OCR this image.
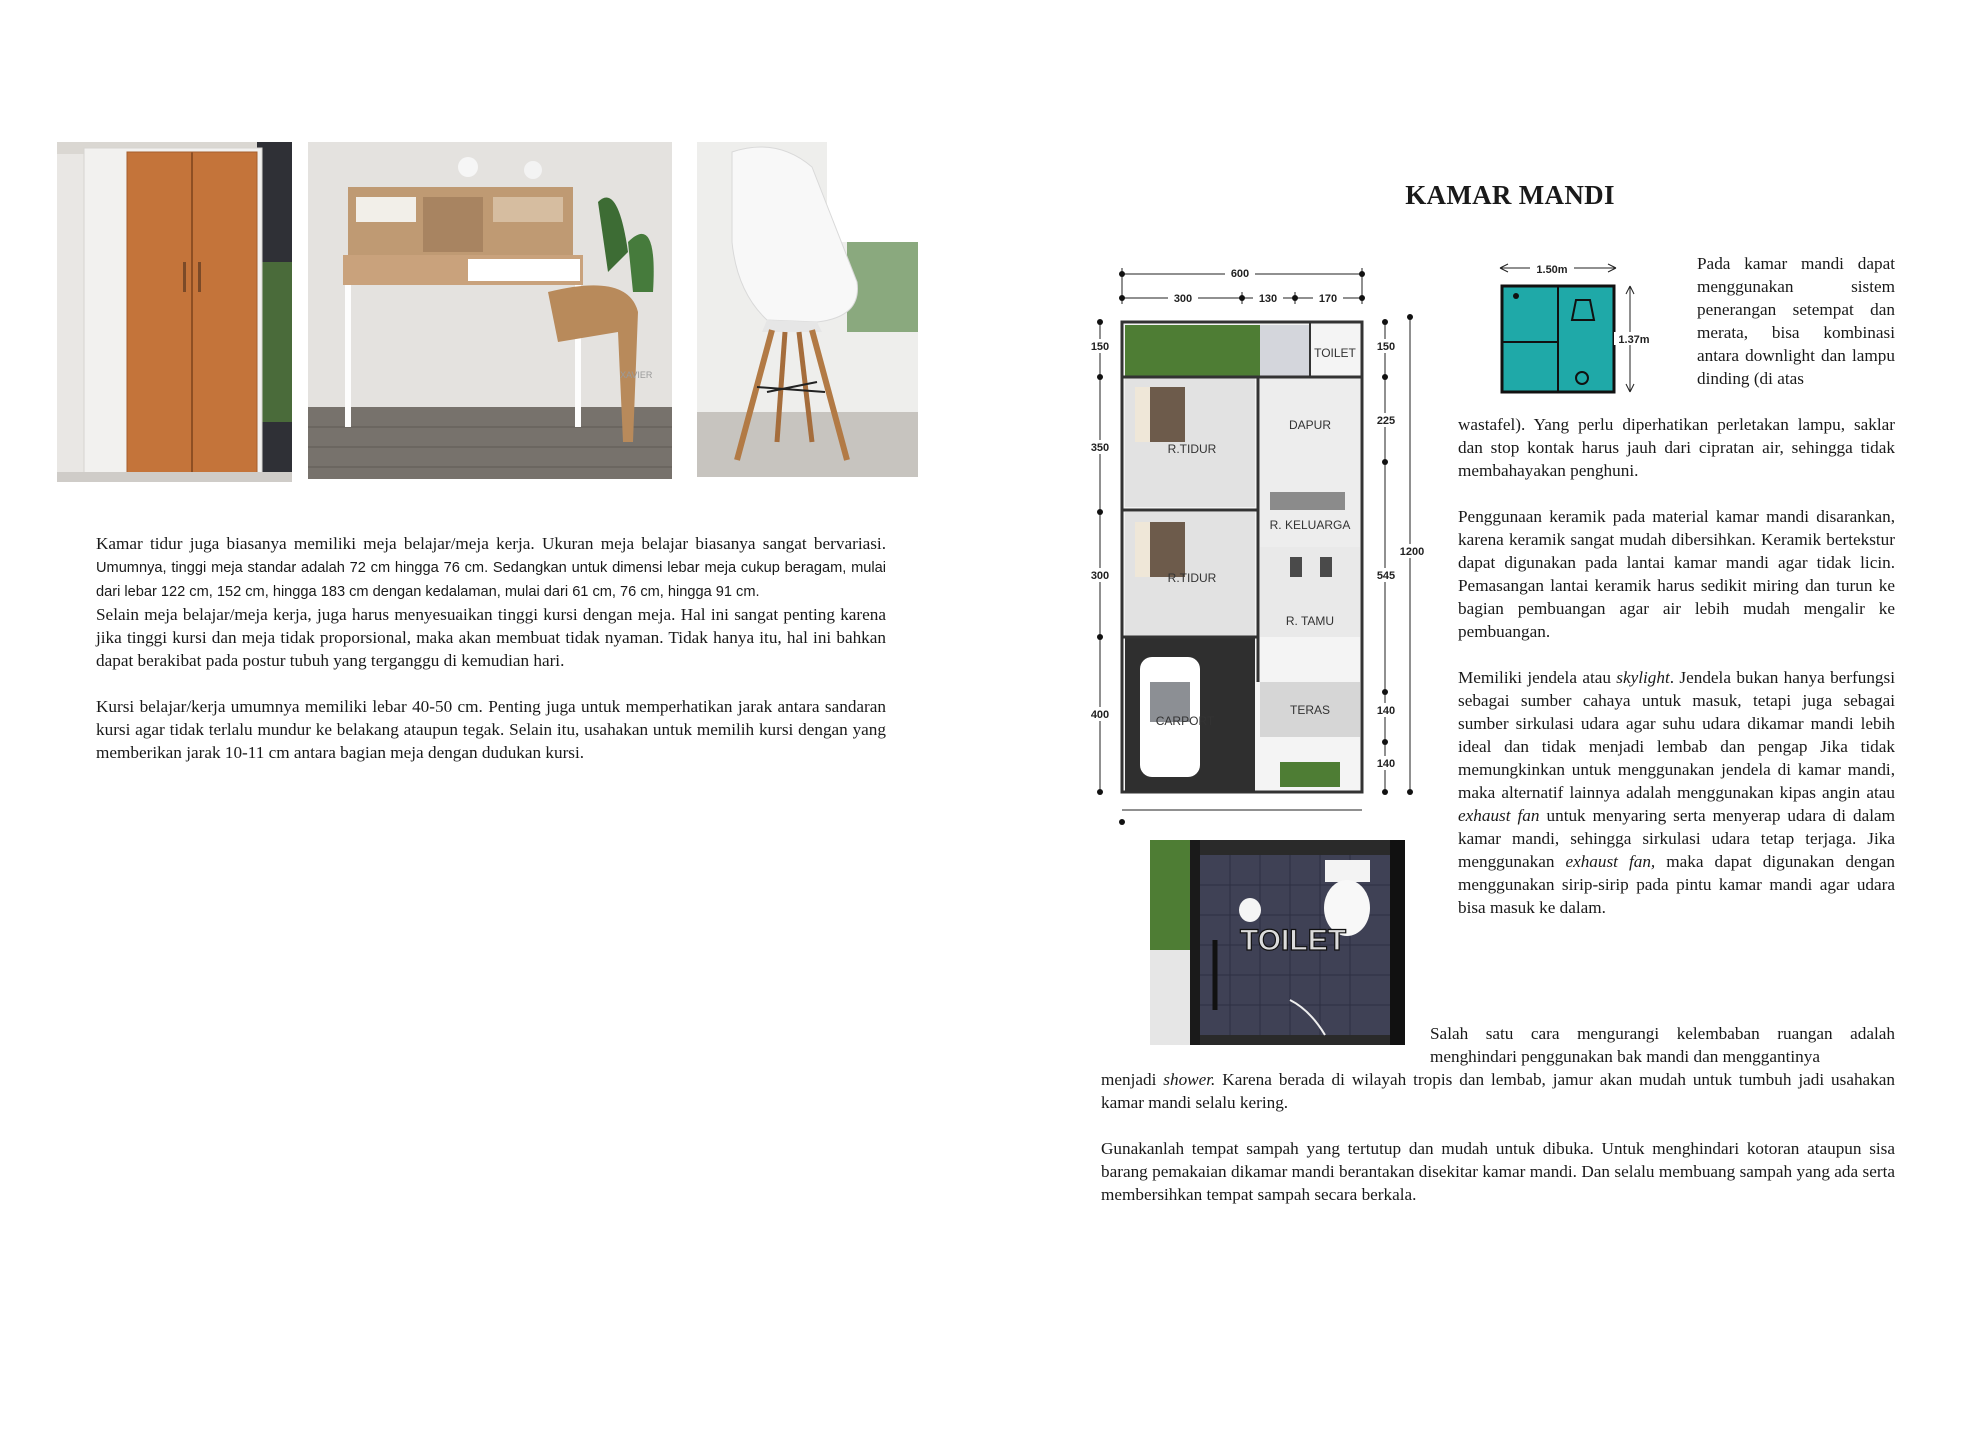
XAVIER

Kamar tidur juga biasanya memiliki meja belajar/meja kerja. Ukuran meja belajar biasanya sangat bervariasi. Umumnya, tinggi meja standar adalah 72 cm hingga 76 cm. Sedangkan untuk dimensi lebar meja cukup beragam, mulai dari lebar 122 cm, 152 cm, hingga 183 cm dengan kedalaman, mulai dari 61 cm, 76 cm, hingga 91 cm.

Selain meja belajar/meja kerja, juga harus menyesuaikan tinggi kursi dengan meja. Hal ini sangat penting karena jika tinggi kursi dan meja tidak proporsional, maka akan membuat tidak nyaman. Tidak hanya itu, hal ini bahkan dapat berakibat pada postur tubuh yang terganggu di kemudian hari.

Kursi belajar/kerja umumnya memiliki lebar 40-50 cm. Penting juga untuk memperhatikan jarak antara sandaran kursi agar tidak terlalu mundur ke belakang ataupun tegak. Selain itu, usahakan untuk memilih kursi dengan yang memberikan jarak 10-11 cm antara bagian meja dengan dudukan kursi.

KAMAR MANDI
600
300	130	170
150
350
300
400
150
225
545
140
140
1200
TOILET
DAPUR
R.TIDUR
R. KELUARGA
R.TIDUR
R. TAMU
CARPORT
TERAS
1.50m
1.37m
TOILET

Pada kamar mandi dapat menggunakan sistem penerangan setempat dan merata, bisa kombinasi antara downlight dan lampu dinding (di atas

wastafel). Yang perlu diperhatikan perletakan lampu, saklar dan stop kontak harus jauh dari cipratan air, sehingga tidak membahayakan penghuni.

Penggunaan keramik pada material kamar mandi disarankan, karena keramik sangat mudah dibersihkan. Keramik bertekstur dapat digunakan pada lantai kamar mandi agar tidak licin. Pemasangan lantai keramik harus sedikit miring dan turun ke bagian pembuangan agar air lebih mudah mengalir ke pembuangan.

Memiliki jendela atau skylight. Jendela bukan hanya berfungsi sebagai sumber cahaya untuk masuk, tetapi juga sebagai sumber sirkulasi udara agar suhu udara dikamar mandi lebih ideal dan tidak menjadi lembab dan pengap Jika tidak memungkinkan untuk menggunakan jendela di kamar mandi, maka alternatif lainnya adalah menggunakan kipas angin atau exhaust fan untuk menyaring serta menyerap udara di dalam kamar mandi, sehingga sirkulasi udara tetap terjaga. Jika menggunakan exhaust fan, maka dapat digunakan dengan menggunakan sirip-sirip pada pintu kamar mandi agar udara bisa masuk ke dalam.

Salah satu cara mengurangi kelembaban ruangan adalah menghindari penggunakan bak mandi dan menggantinya

menjadi shower. Karena berada di wilayah tropis dan lembab, jamur akan mudah untuk tumbuh jadi usahakan kamar mandi selalu kering.

Gunakanlah tempat sampah yang tertutup dan mudah untuk dibuka. Untuk menghindari kotoran ataupun sisa barang pemakaian dikamar mandi berantakan disekitar kamar mandi. Dan selalu membuang sampah yang ada serta membersihkan tempat sampah secara berkala.
